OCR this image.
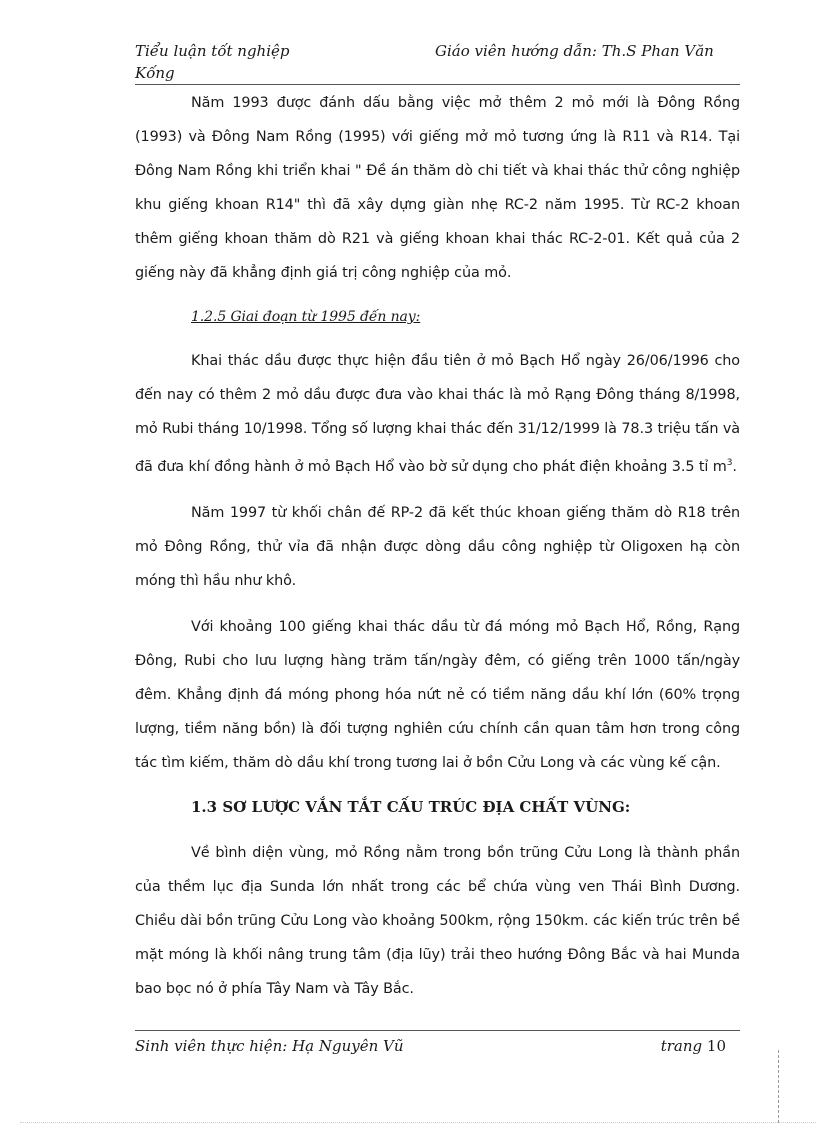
Tiểu luận tốt nghiệp Kống
Giáo viên hướng dẫn: Th.S Phan Văn

Năm 1993 được đánh dấu bằng việc mở thêm 2 mỏ mới là Đông Rồng (1993) và Đông Nam Rồng (1995) với giếng mở mỏ tương ứng là R11 và R14. Tại Đông Nam Rồng khi triển khai " Đề án thăm dò chi tiết và khai thác thử công nghiệp khu giếng khoan R14" thì đã xây dựng giàn nhẹ RC-2 năm 1995. Từ RC-2 khoan thêm giếng khoan thăm dò R21 và giếng khoan khai thác RC-2-01. Kết quả của 2 giếng này đã khẳng định giá trị công nghiệp của mỏ.

1.2.5 Giai đoạn từ 1995 đến nay:

Khai thác dầu được thực hiện đầu tiên ở mỏ Bạch Hổ ngày 26/06/1996 cho đến nay có thêm 2 mỏ dầu được đưa vào khai thác là mỏ Rạng Đông tháng 8/1998, mỏ Rubi tháng 10/1998. Tổng số lượng khai thác đến 31/12/1999 là 78.3 triệu tấn và đã đưa khí đồng hành ở mỏ Bạch Hổ vào bờ sử dụng cho phát điện khoảng 3.5 tỉ $m^3$.

Năm 1997 từ khối chân đế RP-2 đã kết thúc khoan giếng thăm dò R18 trên mỏ Đông Rồng, thử vỉa đã nhận được dòng dầu công nghiệp từ Oligoxen hạ còn móng thì hầu như khô.

Với khoảng 100 giếng khai thác dầu từ đá móng mỏ Bạch Hổ, Rồng, Rạng Đông, Rubi cho lưu lượng hàng trăm tấn/ngày đêm, có giếng trên 1000 tấn/ngày đêm. Khẳng định đá móng phong hóa nứt nẻ có tiềm năng dầu khí lớn (60% trọng lượng, tiềm năng bồn) là đối tượng nghiên cứu chính cần quan tâm hơn trong công tác tìm kiếm, thăm dò dầu khí trong tương lai ở bồn Cửu Long và các vùng kế cận.

1.3 SƠ LƯỢC VẮN TẮT CẤU TRÚC ĐỊA CHẤT VÙNG:

Về bình diện vùng, mỏ Rồng nằm trong bồn trũng Cửu Long là thành phần của thềm lục địa Sunda lớn nhất trong các bể chứa vùng ven Thái Bình Dương. Chiều dài bồn trũng Cửu Long vào khoảng 500km, rộng 150km. các kiến trúc trên bề mặt móng là khối nâng trung tâm (địa lũy) trải theo hướng Đông Bắc và hai Munda bao bọc nó ở phía Tây Nam và Tây Bắc.

Sinh viên thực hiện: Hạ Nguyên Vũ	trang 10
